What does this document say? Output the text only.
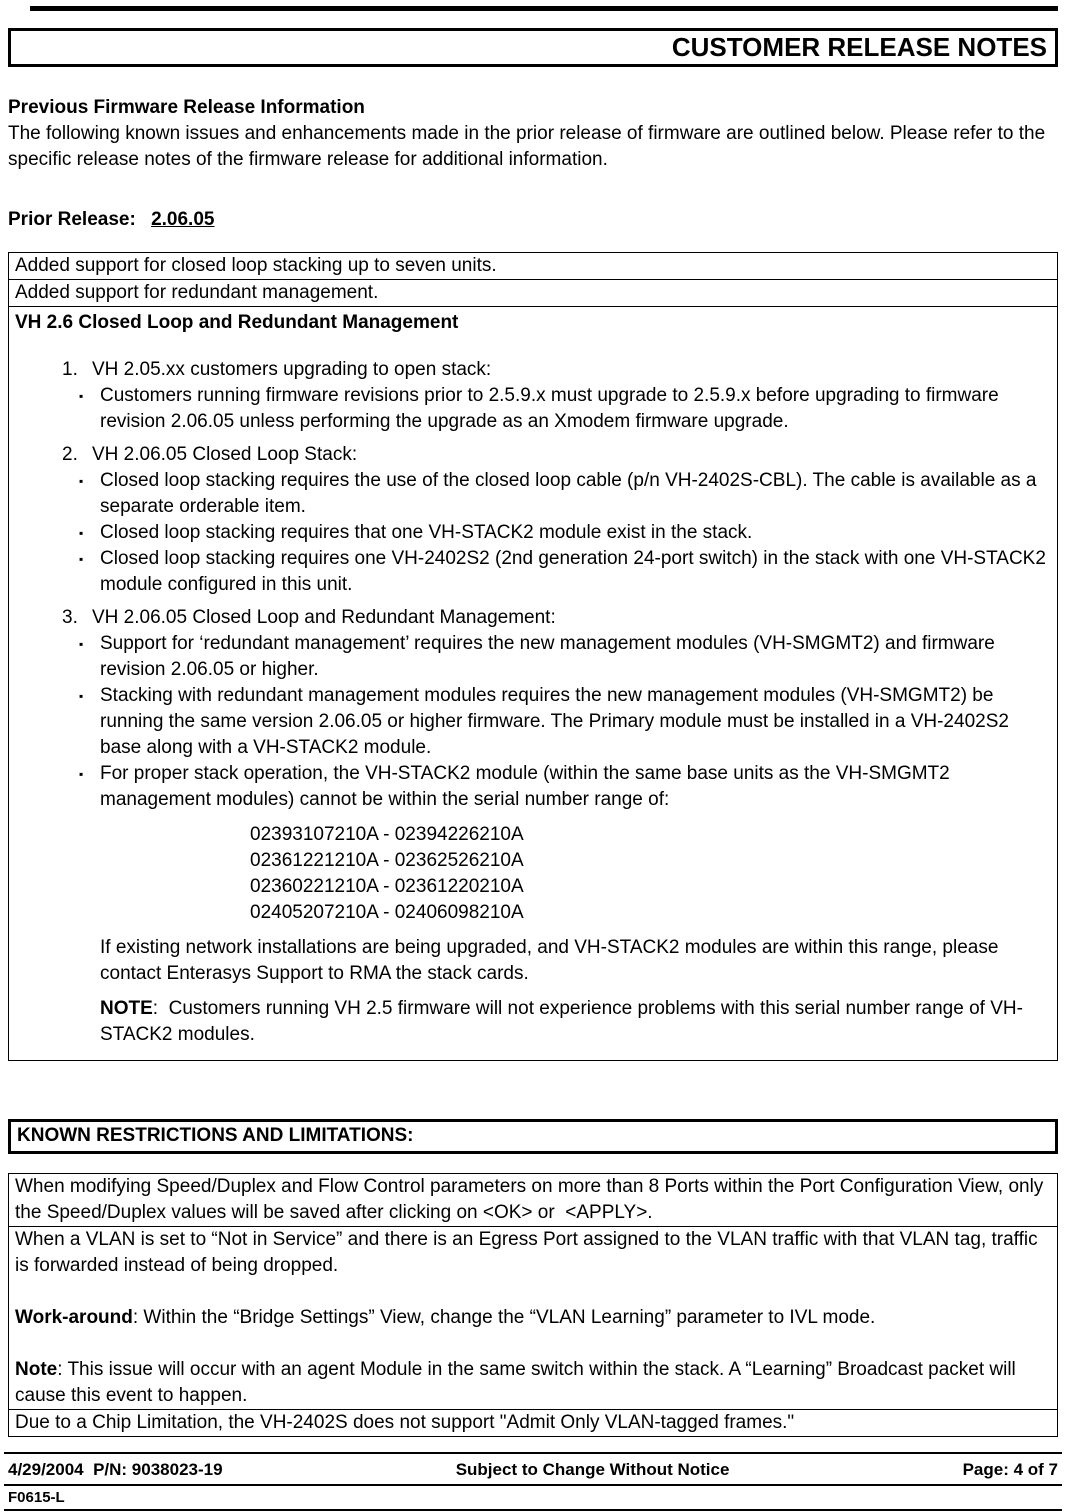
CUSTOMER RELEASE NOTES

Previous Firmware Release Information

The following known issues and enhancements made in the prior release of firmware are outlined below. Please refer to the specific release notes of the firmware release for additional information.

Prior Release: 2.06.05

Added support for closed loop stacking up to seven units.
Added support for redundant management.

VH 2.6 Closed Loop and Redundant Management
1. VH 2.05.xx customers upgrading to open stack:
▪ Customers running firmware revisions prior to 2.5.9.x must upgrade to 2.5.9.x before upgrading to firmware revision 2.06.05 unless performing the upgrade as an Xmodem firmware upgrade.
2. VH 2.06.05 Closed Loop Stack:
▪ Closed loop stacking requires the use of the closed loop cable (p/n VH-2402S-CBL). The cable is available as a separate orderable item.
▪ Closed loop stacking requires that one VH-STACK2 module exist in the stack.
▪ Closed loop stacking requires one VH-2402S2 (2nd generation 24-port switch) in the stack with one VH-STACK2 module configured in this unit.
3. VH 2.06.05 Closed Loop and Redundant Management:
▪ Support for ‘redundant management’ requires the new management modules (VH-SMGMT2) and firmware revision 2.06.05 or higher.
▪ Stacking with redundant management modules requires the new management modules (VH-SMGMT2) be running the same version 2.06.05 or higher firmware. The Primary module must be installed in a VH-2402S2 base along with a VH-STACK2 module.
▪ For proper stack operation, the VH-STACK2 module (within the same base units as the VH-SMGMT2 management modules) cannot be within the serial number range of:
02393107210A - 02394226210A
02361221210A - 02362526210A
02360221210A - 02361220210A
02405207210A - 02406098210A
If existing network installations are being upgraded, and VH-STACK2 modules are within this range, please contact Enterasys Support to RMA the stack cards.
NOTE:  Customers running VH 2.5 firmware will not experience problems with this serial number range of VH-STACK2 modules.
KNOWN RESTRICTIONS AND LIMITATIONS:
When modifying Speed/Duplex and Flow Control parameters on more than 8 Ports within the Port Configuration View, only the Speed/Duplex values will be saved after clicking on <OK> or  <APPLY>.

When a VLAN is set to “Not in Service” and there is an Egress Port assigned to the VLAN traffic with that VLAN tag, traffic is forwarded instead of being dropped.

Work-around: Within the “Bridge Settings” View, change the “VLAN Learning” parameter to IVL mode.

Note: This issue will occur with an agent Module in the same switch within the stack. A “Learning” Broadcast packet will cause this event to happen.

Due to a Chip Limitation, the VH-2402S does not support "Admit Only VLAN-tagged frames."
4/29/2004  P/N: 9038023-19	Subject to Change Without Notice	Page: 4 of 7
F0615-L
